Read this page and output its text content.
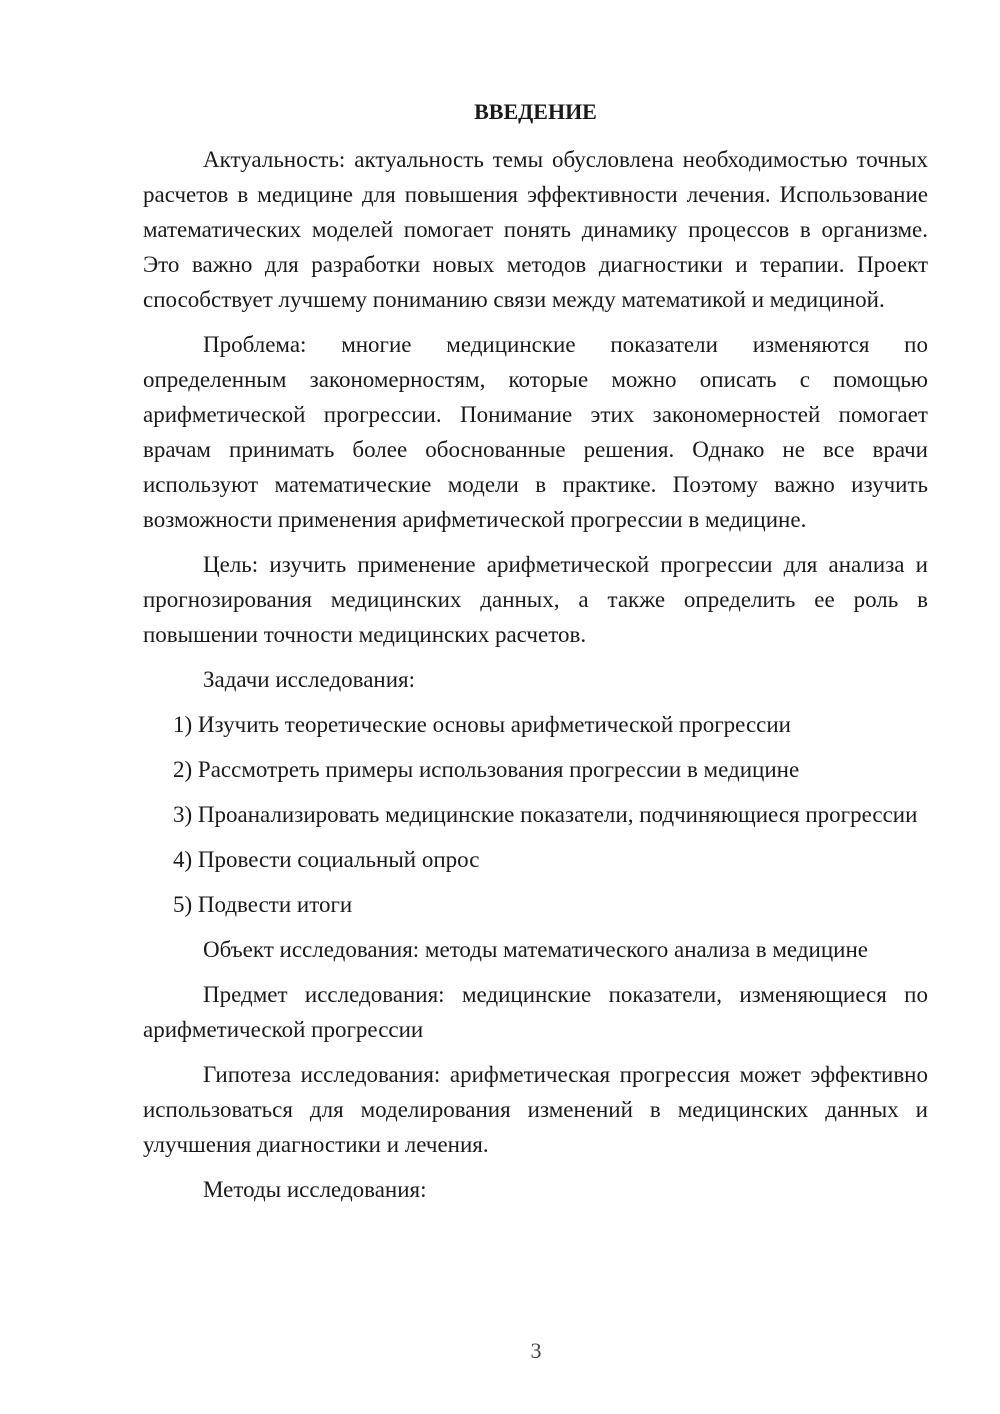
ВВЕДЕНИЕ

Актуальность: актуальность темы обусловлена необходимостью точных расчетов в медицине для повышения эффективности лечения. Использование математических моделей помогает понять динамику процессов в организме. Это важно для разработки новых методов диагностики и терапии. Проект способствует лучшему пониманию связи между математикой и медициной.

Проблема: многие медицинские показатели изменяются по определенным закономерностям, которые можно описать с помощью арифметической прогрессии. Понимание этих закономерностей помогает врачам принимать более обоснованные решения. Однако не все врачи используют математические модели в практике. Поэтому важно изучить возможности применения арифметической прогрессии в медицине.

Цель: изучить применение арифметической прогрессии для анализа и прогнозирования медицинских данных, а также определить ее роль в повышении точности медицинских расчетов.

Задачи исследования:

1) Изучить теоретические основы арифметической прогрессии

2) Рассмотреть примеры использования прогрессии в медицине

3) Проанализировать медицинские показатели, подчиняющиеся прогрессии

4) Провести социальный опрос

5) Подвести итоги

Объект исследования: методы математического анализа в медицине

Предмет исследования: медицинские показатели, изменяющиеся по арифметической прогрессии

Гипотеза исследования: арифметическая прогрессия может эффективно использоваться для моделирования изменений в медицинских данных и улучшения диагностики и лечения.

Методы исследования:

3
